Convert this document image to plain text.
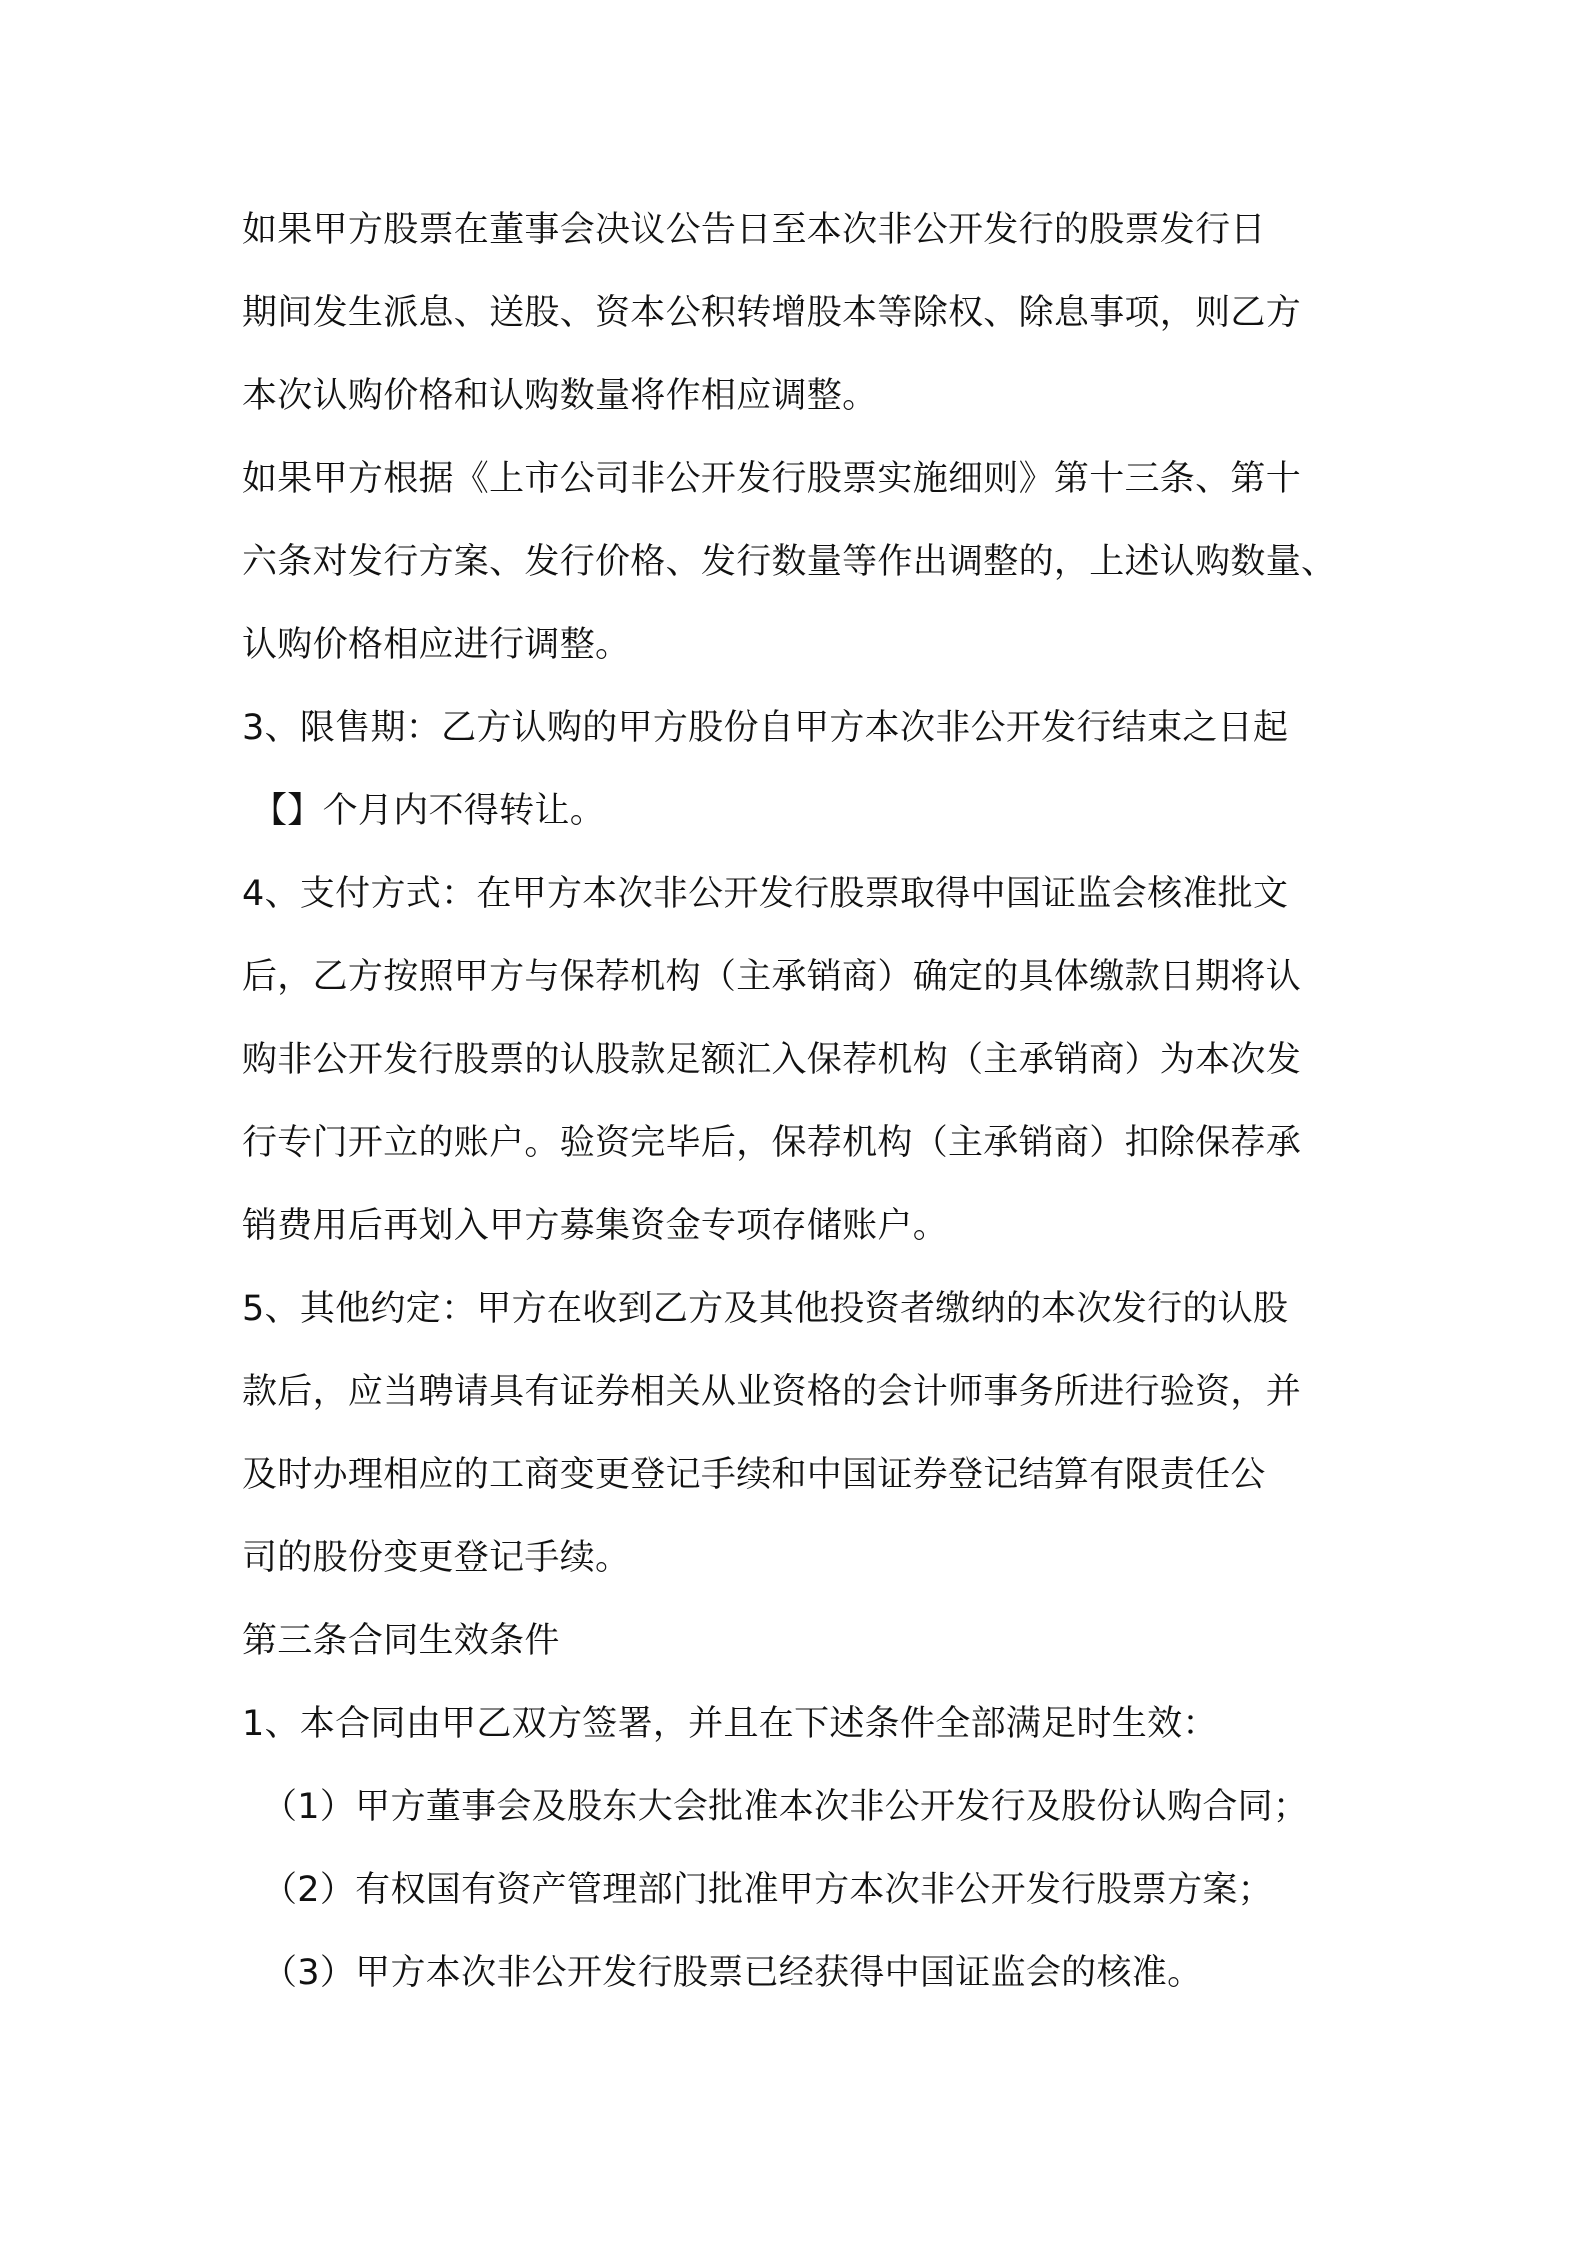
如果甲方股票在董事会决议公告日至本次非公开发行的股票发行日
期间发生派息、送股、资本公积转增股本等除权、除息事项，则乙方
本次认购价格和认购数量将作相应调整。
如果甲方根据《上市公司非公开发行股票实施细则》第十三条、第十
六条对发行方案、发行价格、发行数量等作出调整的，上述认购数量、
认购价格相应进行调整。
3、限售期：乙方认购的甲方股份自甲方本次非公开发行结束之日起
【】个月内不得转让。
4、支付方式：在甲方本次非公开发行股票取得中国证监会核准批文
后，乙方按照甲方与保荐机构（主承销商）确定的具体缴款日期将认
购非公开发行股票的认股款足额汇入保荐机构（主承销商）为本次发
行专门开立的账户。验资完毕后，保荐机构（主承销商）扣除保荐承
销费用后再划入甲方募集资金专项存储账户。
5、其他约定：甲方在收到乙方及其他投资者缴纳的本次发行的认股
款后，应当聘请具有证券相关从业资格的会计师事务所进行验资，并
及时办理相应的工商变更登记手续和中国证券登记结算有限责任公
司的股份变更登记手续。
第三条合同生效条件
1、本合同由甲乙双方签署，并且在下述条件全部满足时生效：
（1）甲方董事会及股东大会批准本次非公开发行及股份认购合同；
（2）有权国有资产管理部门批准甲方本次非公开发行股票方案；
（3）甲方本次非公开发行股票已经获得中国证监会的核准。
